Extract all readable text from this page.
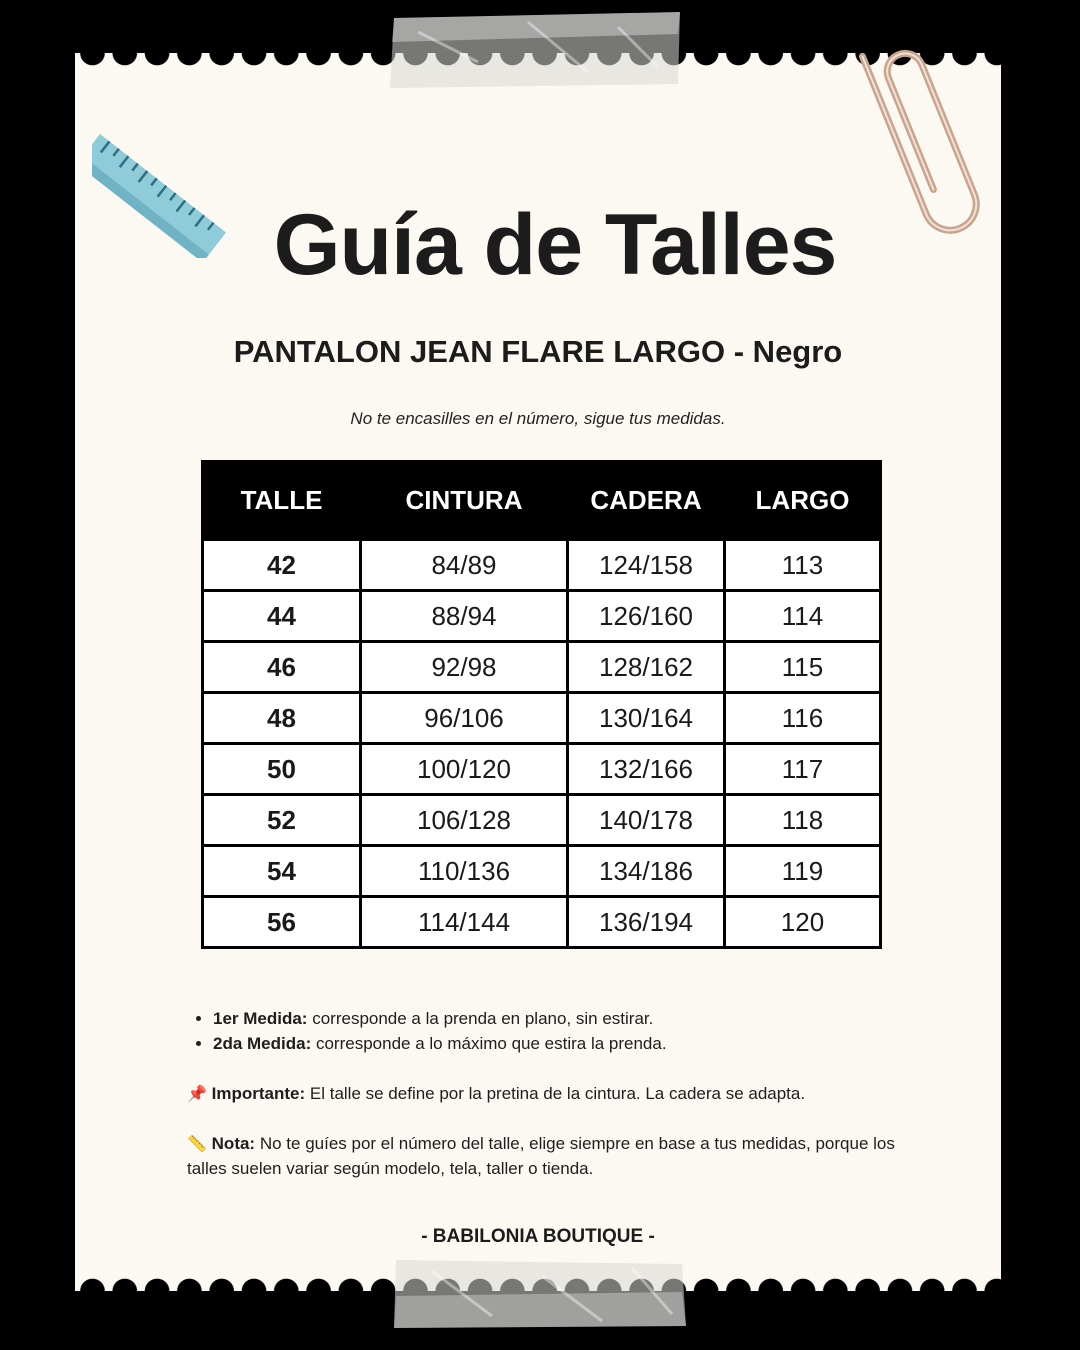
Guía de Talles
PANTALON JEAN FLARE LARGO - Negro

No te encasilles en el número, sigue tus medidas.

TALLE	CINTURA	CADERA	LARGO
42	84/89	124/158	113
44	88/94	126/160	114
46	92/98	128/162	115
48	96/106	130/164	116
50	100/120	132/166	117
52	106/128	140/178	118
54	110/136	134/186	119
56	114/144	136/194	120
• 1er Medida: corresponde a la prenda en plano, sin estirar.
• 2da Medida: corresponde a lo máximo que estira la prenda.

📌 Importante: El talle se define por la pretina de la cintura. La cadera se adapta.

📏 Nota: No te guíes por el número del talle, elige siempre en base a tus medidas, porque los talles suelen variar según modelo, tela, taller o tienda.

- BABILONIA BOUTIQUE -
